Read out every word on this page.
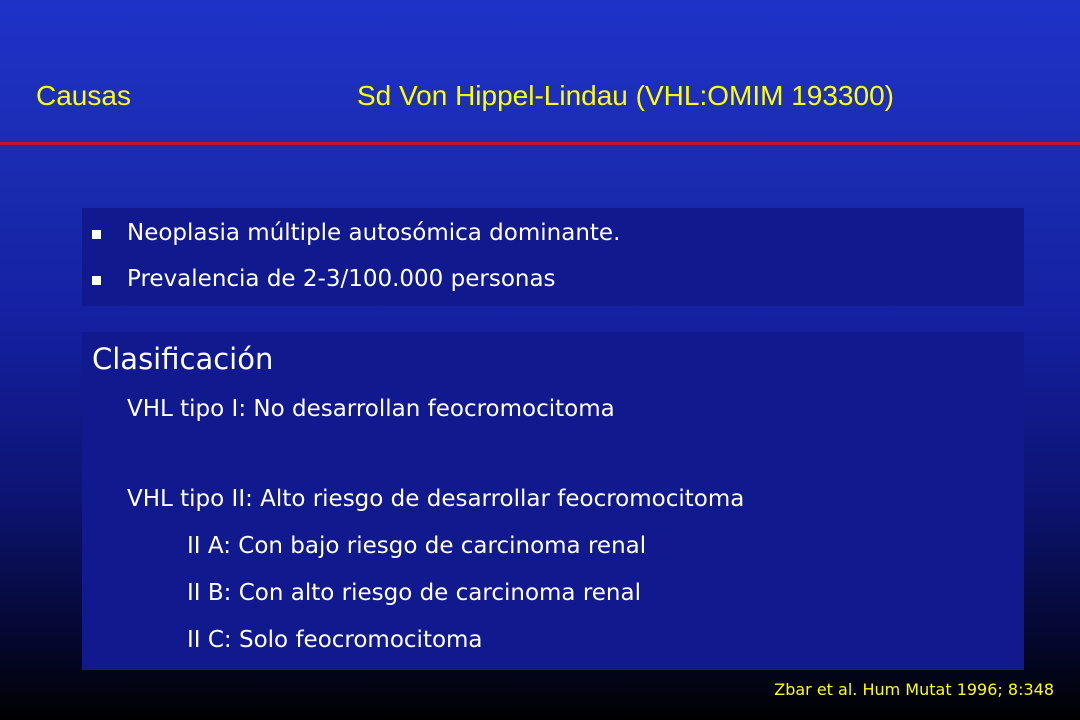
Causas	Sd Von Hippel-Lindau (VHL:OMIM 193300)
Neoplasia múltiple autosómica dominante.
Prevalencia de 2-3/100.000 personas
Clasificación
VHL tipo I: No desarrollan feocromocitoma
VHL tipo II: Alto riesgo de desarrollar feocromocitoma
II A: Con bajo riesgo de carcinoma renal
II B: Con alto riesgo de carcinoma renal
II C: Solo feocromocitoma
Zbar et al. Hum Mutat 1996; 8:348
